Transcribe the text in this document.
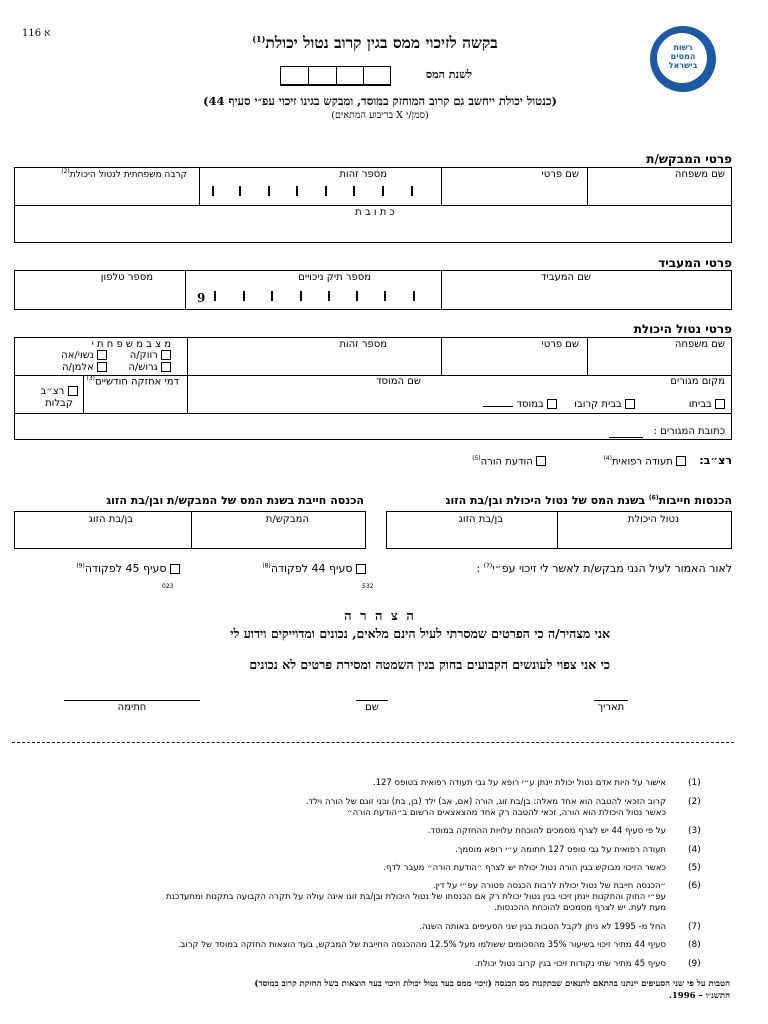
116 א
רשות
המסים
בישראל
בקשה לזיכוי ממס בגין קרוב נטול יכולת$^{(1)}$
לשנת המס
(כנטול יכולת ייחשב גם קרוב המוחזק במוסד, ומבקש בגינו זיכוי עפ״י סעיף 44)
(סמן/י X בריבוע המתאים)
פרטי המבקש/ת
שם משפחה
שם פרטי
מספר זהות
קרבה משפחתית לנטול היכולת$^{(2)}$
כ ת ו ב ת
פרטי המעביד
שם המעביד
מספר תיק ניכויים
מספר טלפון
9
פרטי נטול היכולת
שם משפחה
שם פרטי
מספר זהות
מ צ ב מ ש פ ח ת י
רווק/ה
נשוי/אה
גרוש/ה
אלמן/ה
מקום מגורים
בביתו
בבית קרובו
במוסד
שם המוסד
דמי אחזקה חודשיים$^{(3)}$
רצ״ב קבלות
כתובת המגורים :
רצ״ב:
תעודה רפואית$^{(4)}$
הודעת הורה$^{(5)}$
הכנסות חייבות$^{(6)}$ בשנת המס של נטול היכולת ובן/בת הזוג
הכנסה חייבת בשנת המס של המבקש/ת ובן/בת הזוג
המבקש/ת
בן/בת הזוג	נטול היכולת
בן/בת הזוג
לאור האמור לעיל הנני מבקש/ת לאשר לי זיכוי עפ״י$^{(7)}$ :
סעיף 44 לפקודה$^{(8)}$
סעיף 45 לפקודה$^{(9)}$
532
023
ה צ ה ר ה
אני מצהיר/ה כי הפרטים שמסרתי לעיל הינם מלאים, נכונים ומדוייקים וידוע לי
כי אני צפוי לעונשים הקבועים בחוק בגין השמטה ומסירת פרטים לא נכונים
תאריך
שם
חתימה
(1)
אישור על היות אדם נטול יכולת יינתן ע״י רופא על גבי תעודה רפואית בטופס 127.
(2)
קרוב הזכאי להטבה הוא אחד מאלה: בן/בת זוג, הורה (אם, אב) ילד (בן, בת) ובני זוגם של הורה וילד.
כאשר נטול היכולת הוא הורה, זכאי להטבה רק אחד מהצאצאים הרשום ב״הודעת הורה״
(3)
על פי סעיף 44 יש לצרף מסמכים להוכחת עלויות ההחזקה במוסד.
(4)
תעודה רפואית על גבי טופס 127 חתומה ע״י רופא מוסמך.
(5)
כאשר הזיכוי מבוקש בגין הורה נטול יכולת יש לצרף ״הודעת הורה״ מעבר לדף.
(6)
״הכנסה חייבת של נטול יכולת לרבות הכנסה פטורה עפ״י על דין.
עפ״י החוק והתקנות יינתן זיכוי בגין נטול יכולת רק אם הכנסתו של נטול היכולת ובן/בת זוגו אינה עולה על תקרה הקבועה בתקנות ומתעדכנת
מעת לעת. יש לצרף מסמכים להוכחת ההכנסות.
(7)
החל מ- 1995 לא ניתן לקבל הטבות בגין שני הסעיפים באותה השנה.
(8)
סעיף 44 מתיר זיכוי בשיעור 35% מהסכומים ששולמו מעל 12.5% מההכנסה החייבת של המבקש, בעד הוצאות החזקה במוסד של קרוב.
(9)
סעיף 45 מתיר שתי נקודות זיכוי בגין קרוב נטול יכולת.
הטבות על פי שני הסעיפים יינתנו בהתאם לתנאים שבתקנות מס הכנסה (זיכוי ממס בעד נטול יכולת וזיכוי בעד הוצאות בשל החזקת קרוב במוסד)
התשנ״ו – 1996.
